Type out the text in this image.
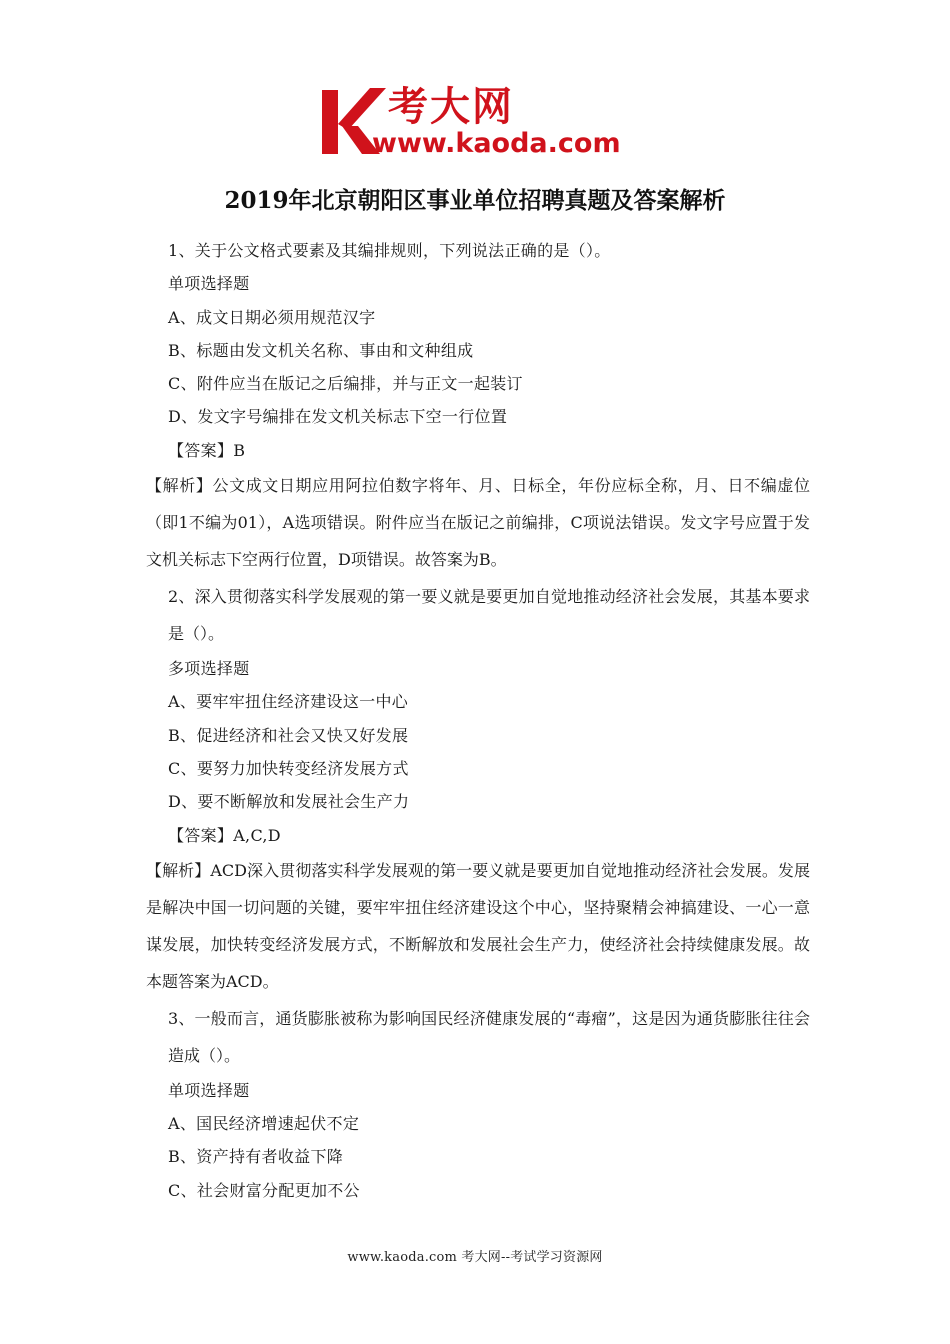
考大网
www.kaoda.com
2019年北京朝阳区事业单位招聘真题及答案解析
1、关于公文格式要素及其编排规则，下列说法正确的是（）。
单项选择题
A、成文日期必须用规范汉字
B、标题由发文机关名称、事由和文种组成
C、附件应当在版记之后编排，并与正文一起装订
D、发文字号编排在发文机关标志下空一行位置
【答案】B
【解析】公文成文日期应用阿拉伯数字将年、月、日标全，年份应标全称，月、日不编虚位（即1不编为01），A选项错误。附件应当在版记之前编排，C项说法错误。发文字号应置于发文机关标志下空两行位置，D项错误。故答案为B。
2、深入贯彻落实科学发展观的第一要义就是要更加自觉地推动经济社会发展，其基本要求是（）。
多项选择题
A、要牢牢扭住经济建设这一中心
B、促进经济和社会又快又好发展
C、要努力加快转变经济发展方式
D、要不断解放和发展社会生产力
【答案】A,C,D
【解析】ACD深入贯彻落实科学发展观的第一要义就是要更加自觉地推动经济社会发展。发展是解决中国一切问题的关键，要牢牢扭住经济建设这个中心，坚持聚精会神搞建设、一心一意谋发展，加快转变经济发展方式，不断解放和发展社会生产力，使经济社会持续健康发展。故本题答案为ACD。
3、一般而言，通货膨胀被称为影响国民经济健康发展的“毒瘤”，这是因为通货膨胀往往会造成（）。
单项选择题
A、国民经济增速起伏不定
B、资产持有者收益下降
C、社会财富分配更加不公
www.kaoda.com 考大网--考试学习资源网
